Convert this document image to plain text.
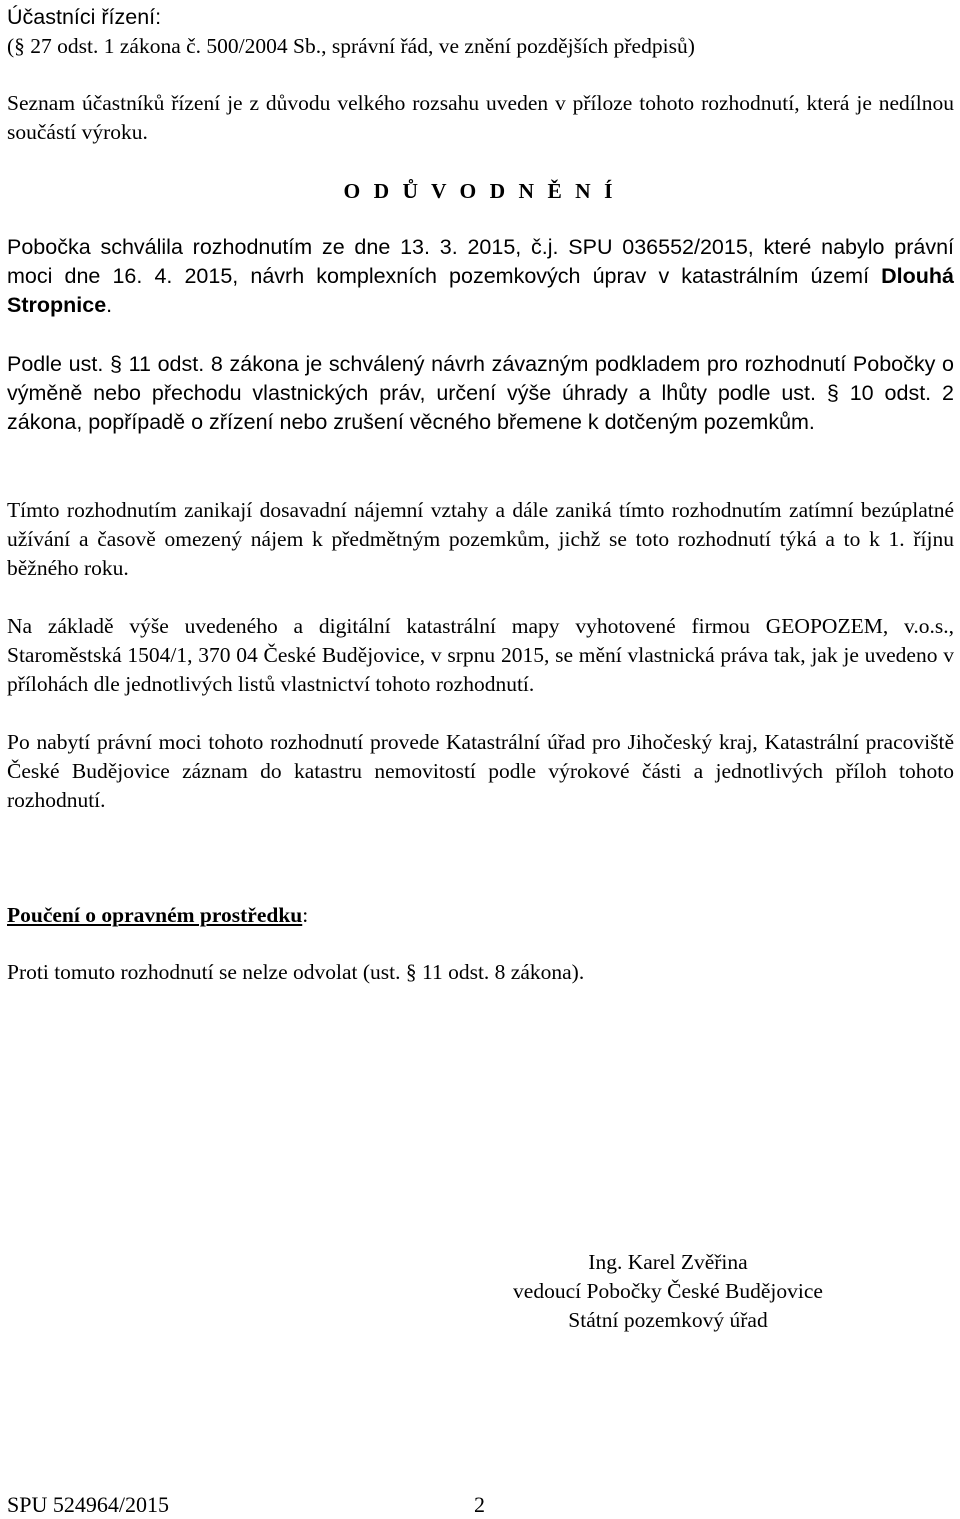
Účastníci řízení:
(§ 27 odst. 1 zákona č. 500/2004 Sb., správní řád, ve znění pozdějších předpisů)
Seznam účastníků řízení je z důvodu velkého rozsahu uveden v příloze tohoto rozhodnutí, která je nedílnou součástí výroku.
O D Ů V O D N Ě N Í
Pobočka schválila rozhodnutím ze dne 13. 3. 2015, č.j. SPU 036552/2015, které nabylo právní moci dne 16. 4. 2015, návrh komplexních pozemkových úprav v katastrálním území Dlouhá Stropnice.
Podle ust. § 11 odst. 8 zákona je schválený návrh závazným podkladem pro rozhodnutí Pobočky o výměně nebo přechodu vlastnických práv, určení výše úhrady a lhůty podle ust. § 10 odst. 2 zákona, popřípadě o zřízení nebo zrušení věcného břemene k dotčeným pozemkům.
Tímto rozhodnutím zanikají dosavadní nájemní vztahy a dále zaniká tímto rozhodnutím zatímní bezúplatné užívání a časově omezený nájem k předmětným pozemkům, jichž se toto rozhodnutí týká a to k 1. říjnu běžného roku.
Na základě výše uvedeného a digitální katastrální mapy vyhotovené firmou GEOPOZEM, v.o.s., Staroměstská 1504/1, 370 04 České Budějovice, v srpnu 2015, se mění vlastnická práva tak, jak je uvedeno v přílohách dle jednotlivých listů vlastnictví tohoto rozhodnutí.
Po nabytí právní moci tohoto rozhodnutí provede Katastrální úřad pro Jihočeský kraj, Katastrální pracoviště České Budějovice záznam do katastru nemovitostí podle výrokové části a jednotlivých příloh tohoto rozhodnutí.
Poučení o opravném prostředku:
Proti tomuto rozhodnutí se nelze odvolat (ust. § 11 odst. 8 zákona).
Ing. Karel Zvěřina
vedoucí Pobočky České Budějovice
Státní pozemkový úřad
SPU 524964/2015	2
